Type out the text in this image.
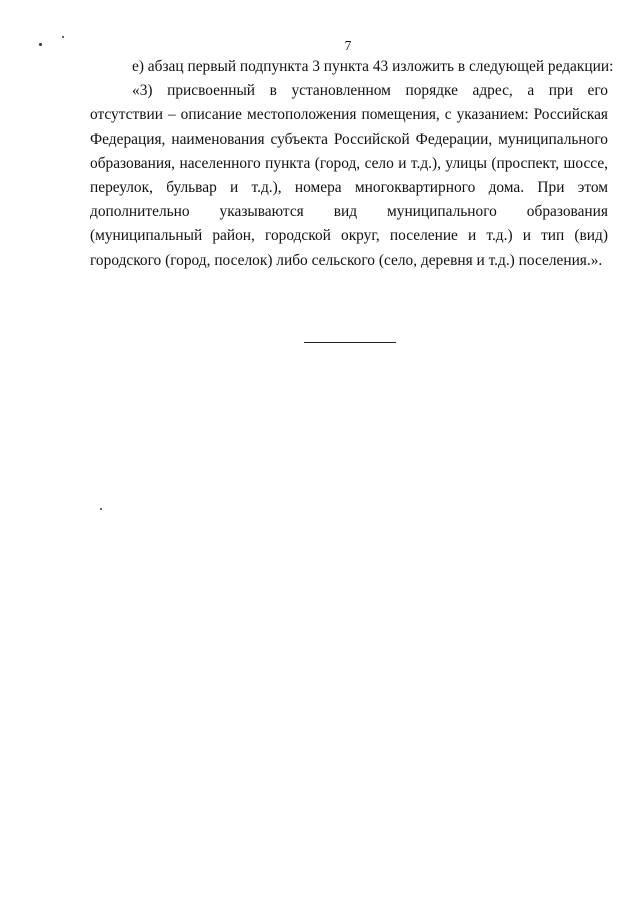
7
е) абзац первый подпункта 3 пункта 43 изложить в следующей редакции:
«3) присвоенный в установленном порядке адрес, а при его
отсутствии – описание местоположения помещения, с указанием: Российская
Федерация, наименования субъекта Российской Федерации, муниципального
образования, населенного пункта (город, село и т.д.), улицы (проспект, шоссе,
переулок, бульвар и т.д.), номера многоквартирного дома. При этом
дополнительно указываются вид муниципального образования
(муниципальный район, городской округ, поселение и т.д.) и тип (вид)
городского (город, поселок) либо сельского (село, деревня и т.д.) поселения.».
